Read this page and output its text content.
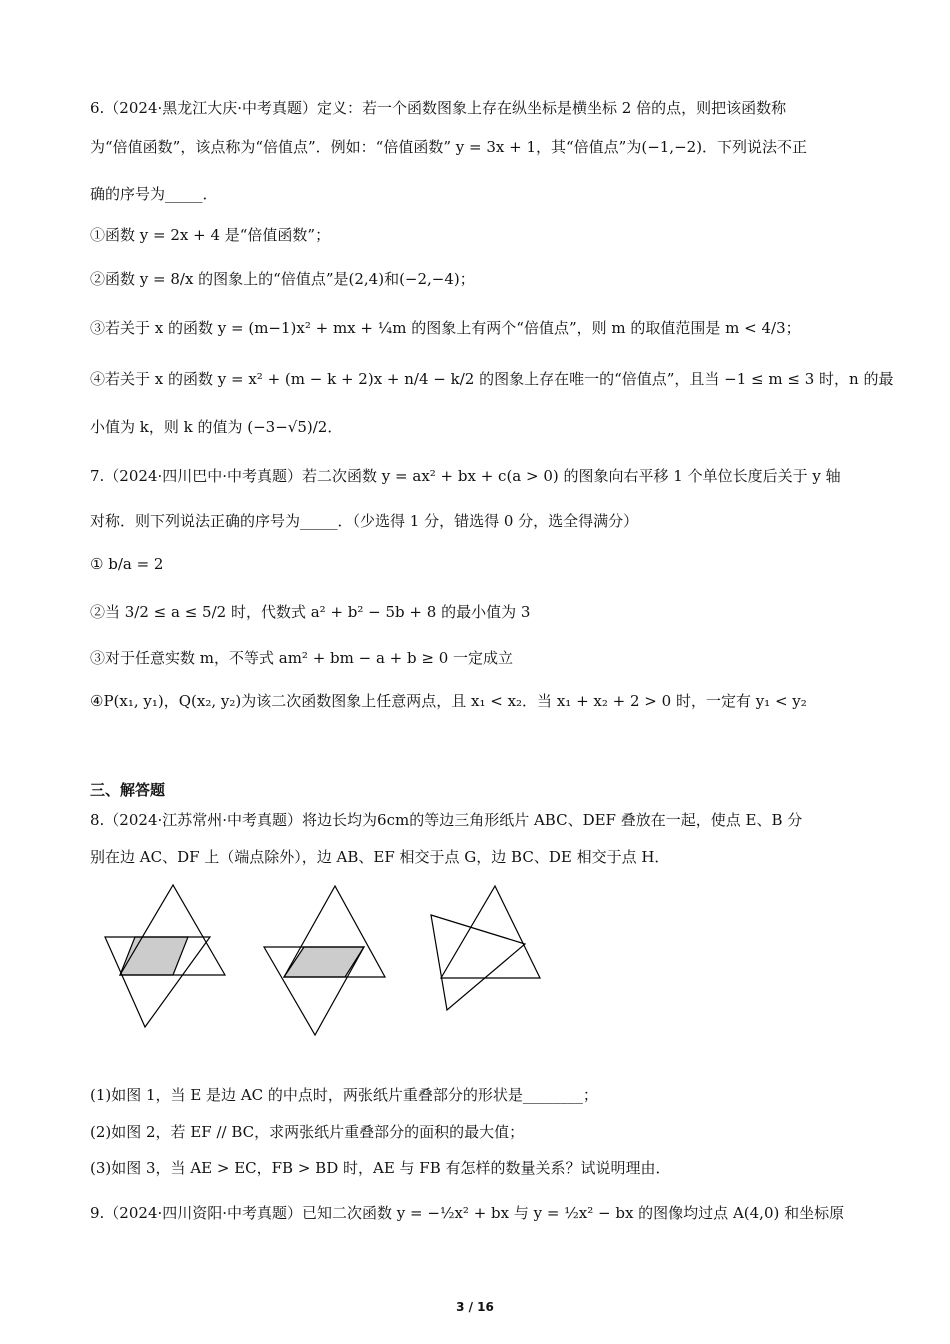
6.（2024·黑龙江大庆·中考真题）定义：若一个函数图象上存在纵坐标是横坐标 2 倍的点，则把该函数称
为“倍值函数”，该点称为“倍值点”．例如：“倍值函数” y = 3x + 1，其“倍值点”为(−1,−2)．下列说法不正
确的序号为_____．
①函数 y = 2x + 4 是“倍值函数”；
②函数 y = 8/x 的图象上的“倍值点”是(2,4)和(−2,−4)；
③若关于 x 的函数 y = (m−1)x² + mx + ¼m 的图象上有两个“倍值点”，则 m 的取值范围是 m < 4/3；
④若关于 x 的函数 y = x² + (m − k + 2)x + n/4 − k/2 的图象上存在唯一的“倍值点”，且当 −1 ≤ m ≤ 3 时，n 的最
小值为 k，则 k 的值为 (−3−√5)/2．
7.（2024·四川巴中·中考真题）若二次函数 y = ax² + bx + c(a > 0) 的图象向右平移 1 个单位长度后关于 y 轴
对称．则下列说法正确的序号为_____．（少选得 1 分，错选得 0 分，选全得满分）
① b/a = 2
②当 3/2 ≤ a ≤ 5/2 时，代数式 a² + b² − 5b + 8 的最小值为 3
③对于任意实数 m，不等式 am² + bm − a + b ≥ 0 一定成立
④P(x₁, y₁)，Q(x₂, y₂)为该二次函数图象上任意两点，且 x₁ < x₂．当 x₁ + x₂ + 2 > 0 时，一定有 y₁ < y₂
三、解答题
8.（2024·江苏常州·中考真题）将边长均为6cm的等边三角形纸片 ABC、DEF 叠放在一起，使点 E、B 分
别在边 AC、DF 上（端点除外），边 AB、EF 相交于点 G，边 BC、DE 相交于点 H．
(1)如图 1，当 E 是边 AC 的中点时，两张纸片重叠部分的形状是________；
(2)如图 2，若 EF // BC，求两张纸片重叠部分的面积的最大值；
(3)如图 3，当 AE > EC，FB > BD 时，AE 与 FB 有怎样的数量关系？试说明理由．
9.（2024·四川资阳·中考真题）已知二次函数 y = −½x² + bx 与 y = ½x² − bx 的图像均过点 A(4,0) 和坐标原
3 / 16
